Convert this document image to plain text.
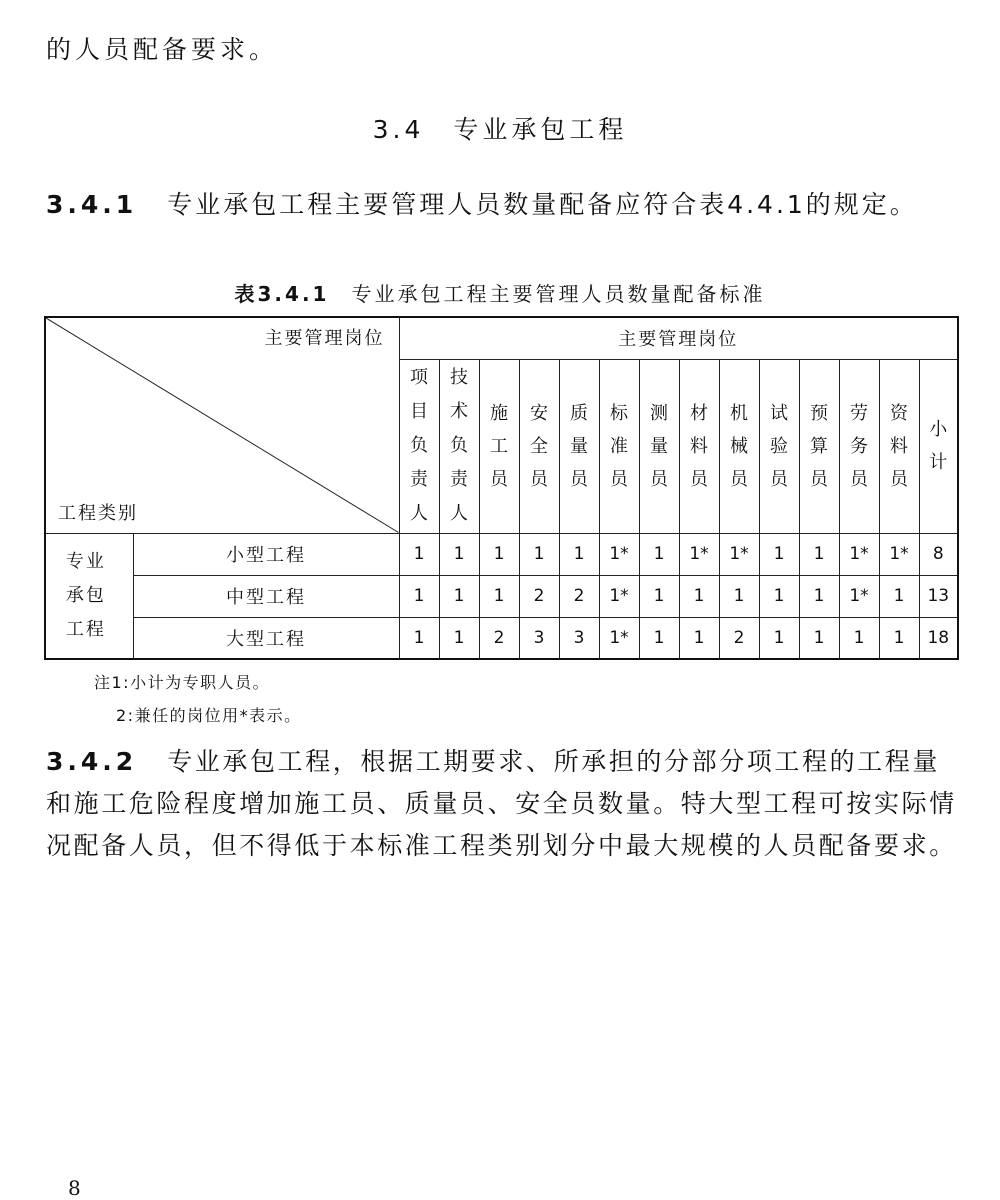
的人员配备要求。
3.4　专业承包工程
3.4.1 专业承包工程主要管理人员数量配备应符合表4.4.1的规定。
表3.4.1 专业承包工程主要管理人员数量配备标准
主要管理岗位
工程类别		主要管理岗位													
		项目负责人	技术负责人	施工员	安全员	质量员	标准员	测量员	材料员	机械员	试验员	预算员	劳务员	资料员	小计
专业承包工程	小型工程	1	1	1	1	1	1*	1	1*	1*	1	1	1*	1*	8
	中型工程	1	1	1	2	2	1*	1	1	1	1	1	1*	1	13
	大型工程	1	1	2	3	3	1*	1	1	2	1	1	1	1	18
注1:小计为专职人员。
2:兼任的岗位用*表示。
3.4.2 专业承包工程，根据工期要求、所承担的分部分项工程的工程量和施工危险程度增加施工员、质量员、安全员数量。特大型工程可按实际情况配备人员，但不得低于本标准工程类别划分中最大规模的人员配备要求。
8
